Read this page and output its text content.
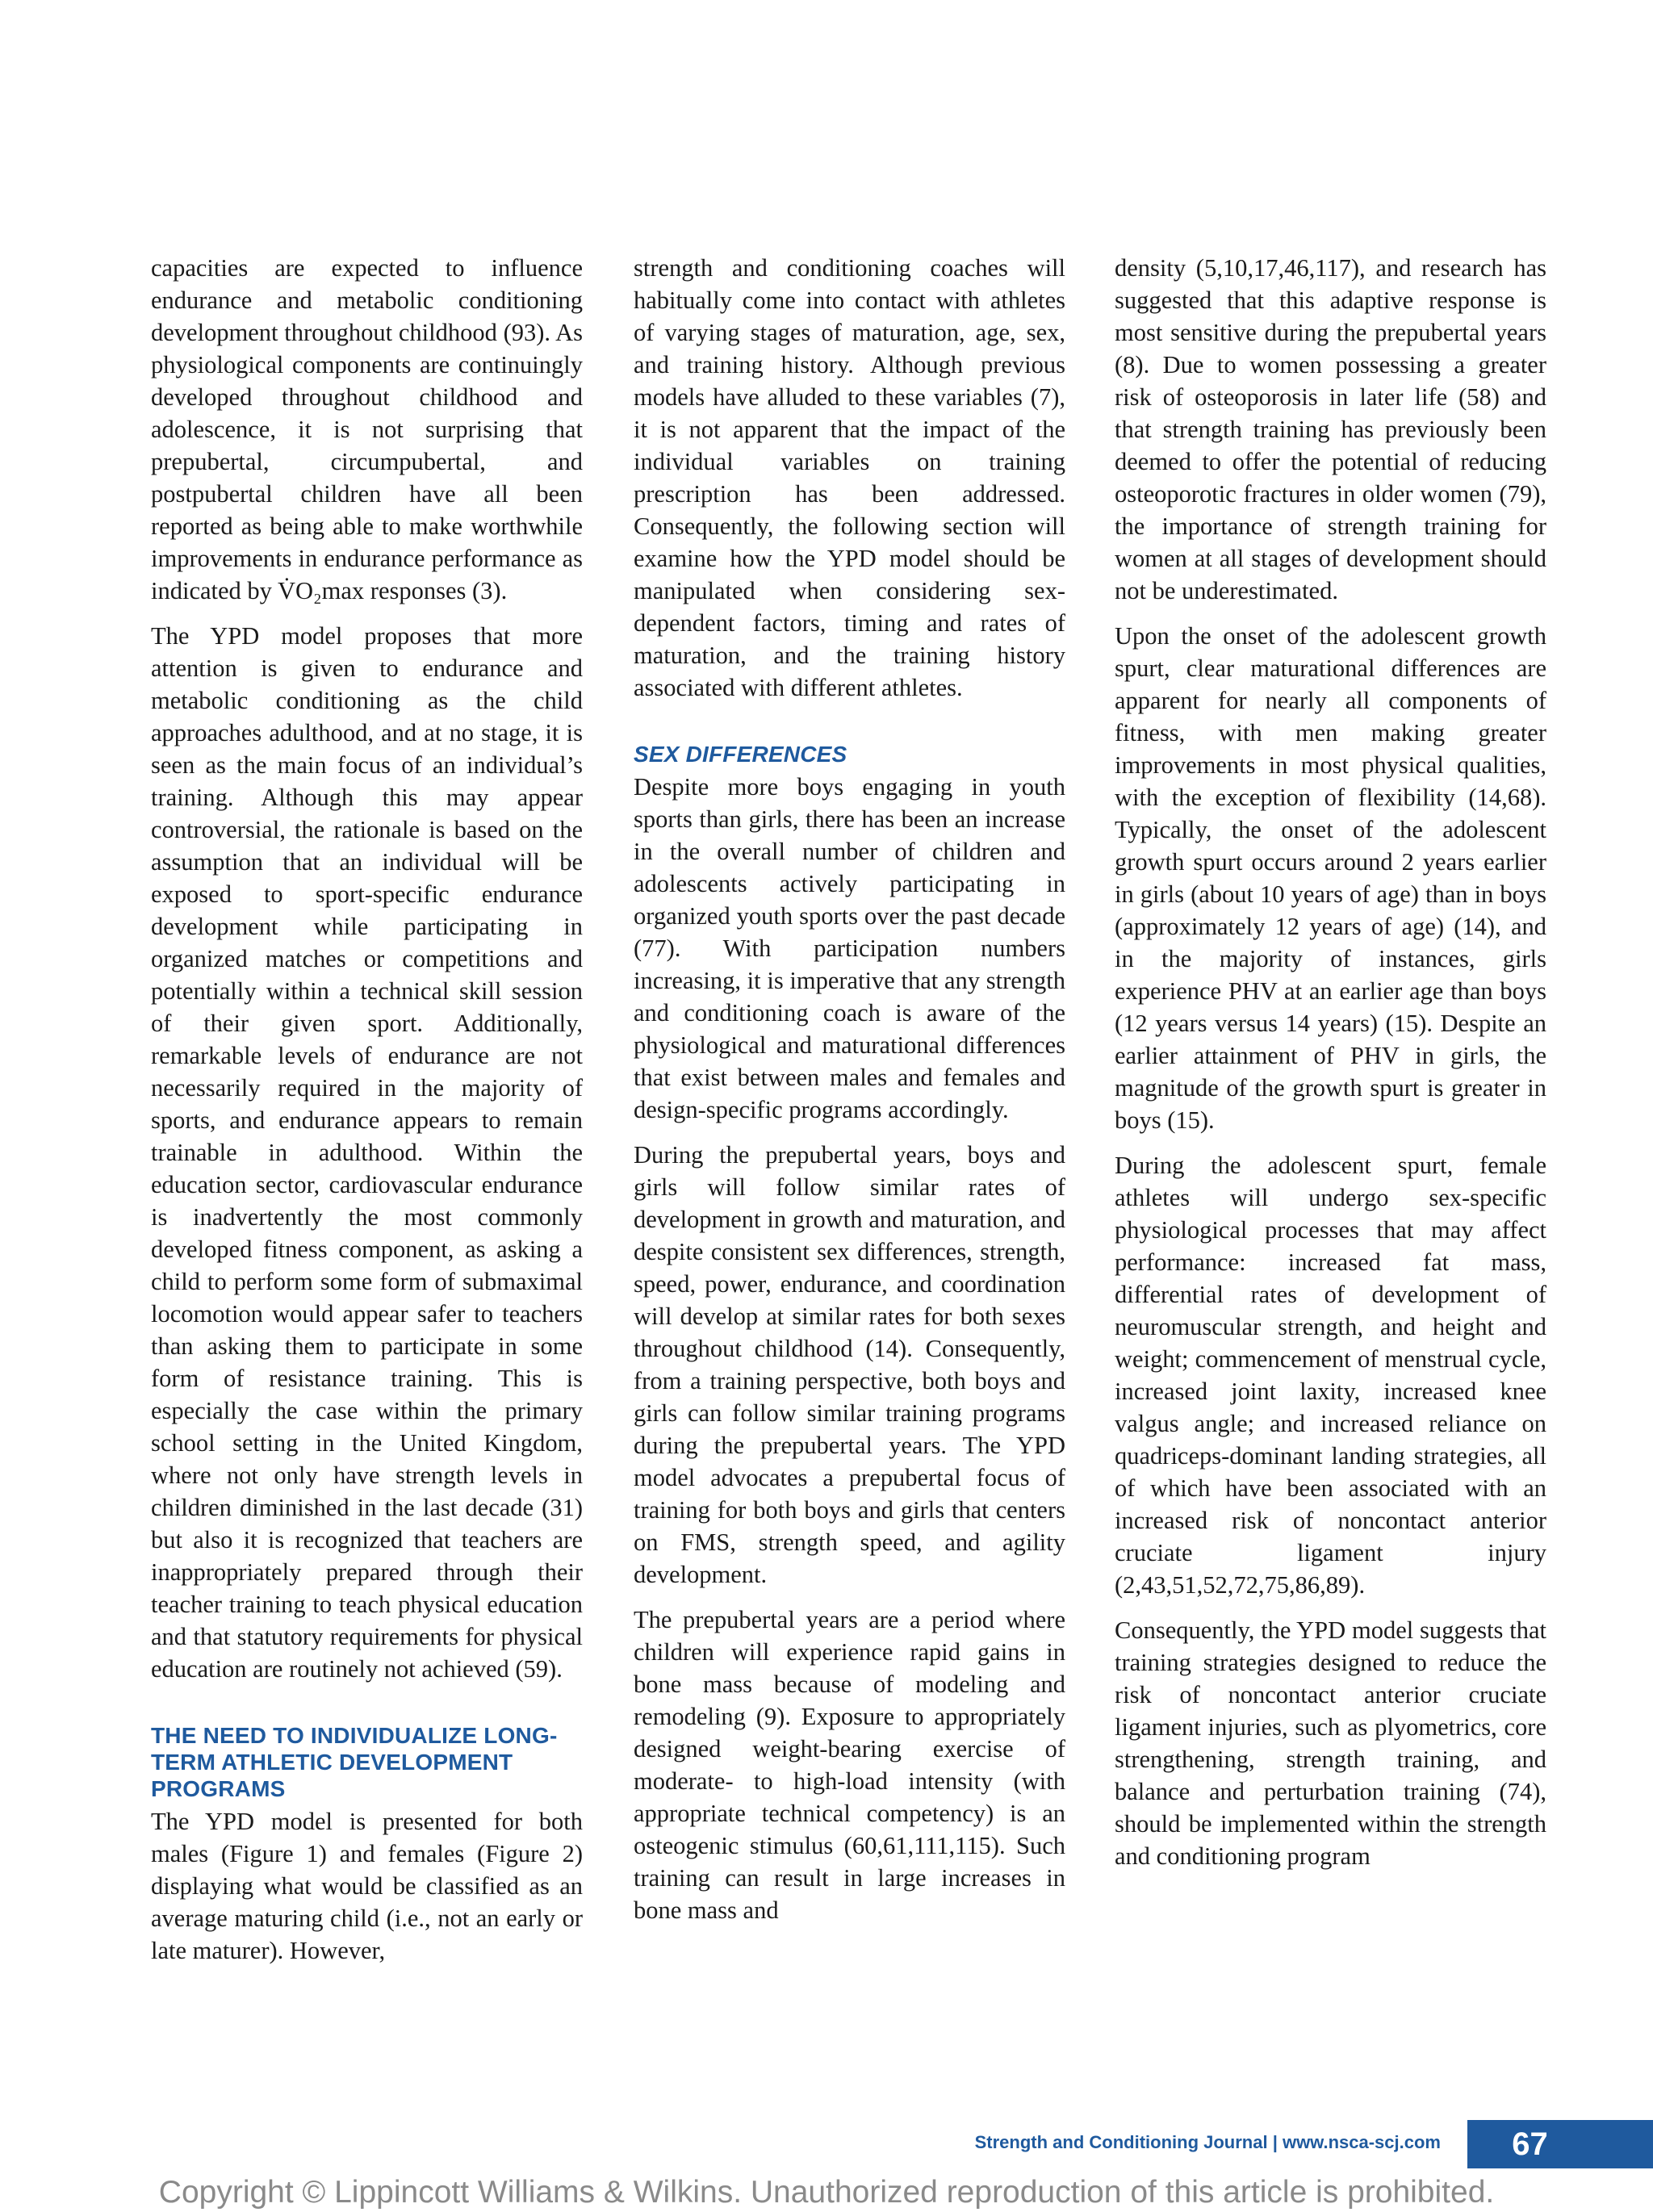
capacities are expected to influence endurance and metabolic conditioning development throughout childhood (93). As physiological components are continuingly developed throughout childhood and adolescence, it is not surprising that prepubertal, circumpubertal, and postpubertal children have all been reported as being able to make worthwhile improvements in endurance performance as indicated by V̇O₂max responses (3).

The YPD model proposes that more attention is given to endurance and metabolic conditioning as the child approaches adulthood, and at no stage, it is seen as the main focus of an individual’s training. Although this may appear controversial, the rationale is based on the assumption that an individual will be exposed to sport-specific endurance development while participating in organized matches or competitions and potentially within a technical skill session of their given sport. Additionally, remarkable levels of endurance are not necessarily required in the majority of sports, and endurance appears to remain trainable in adulthood. Within the education sector, cardiovascular endurance is inadvertently the most commonly developed fitness component, as asking a child to perform some form of submaximal locomotion would appear safer to teachers than asking them to participate in some form of resistance training. This is especially the case within the primary school setting in the United Kingdom, where not only have strength levels in children diminished in the last decade (31) but also it is recognized that teachers are inappropriately prepared through their teacher training to teach physical education and that statutory requirements for physical education are routinely not achieved (59).

THE NEED TO INDIVIDUALIZE LONG-TERM ATHLETIC DEVELOPMENT PROGRAMS

The YPD model is presented for both males (Figure 1) and females (Figure 2) displaying what would be classified as an average maturing child (i.e., not an early or late maturer). However,

strength and conditioning coaches will habitually come into contact with athletes of varying stages of maturation, age, sex, and training history. Although previous models have alluded to these variables (7), it is not apparent that the impact of the individual variables on training prescription has been addressed. Consequently, the following section will examine how the YPD model should be manipulated when considering sex-dependent factors, timing and rates of maturation, and the training history associated with different athletes.

SEX DIFFERENCES

Despite more boys engaging in youth sports than girls, there has been an increase in the overall number of children and adolescents actively participating in organized youth sports over the past decade (77). With participation numbers increasing, it is imperative that any strength and conditioning coach is aware of the physiological and maturational differences that exist between males and females and design-specific programs accordingly.

During the prepubertal years, boys and girls will follow similar rates of development in growth and maturation, and despite consistent sex differences, strength, speed, power, endurance, and coordination will develop at similar rates for both sexes throughout childhood (14). Consequently, from a training perspective, both boys and girls can follow similar training programs during the prepubertal years. The YPD model advocates a prepubertal focus of training for both boys and girls that centers on FMS, strength speed, and agility development.

The prepubertal years are a period where children will experience rapid gains in bone mass because of modeling and remodeling (9). Exposure to appropriately designed weight-bearing exercise of moderate- to high-load intensity (with appropriate technical competency) is an osteogenic stimulus (60,61,111,115). Such training can result in large increases in bone mass and

density (5,10,17,46,117), and research has suggested that this adaptive response is most sensitive during the prepubertal years (8). Due to women possessing a greater risk of osteoporosis in later life (58) and that strength training has previously been deemed to offer the potential of reducing osteoporotic fractures in older women (79), the importance of strength training for women at all stages of development should not be underestimated.

Upon the onset of the adolescent growth spurt, clear maturational differences are apparent for nearly all components of fitness, with men making greater improvements in most physical qualities, with the exception of flexibility (14,68). Typically, the onset of the adolescent growth spurt occurs around 2 years earlier in girls (about 10 years of age) than in boys (approximately 12 years of age) (14), and in the majority of instances, girls experience PHV at an earlier age than boys (12 years versus 14 years) (15). Despite an earlier attainment of PHV in girls, the magnitude of the growth spurt is greater in boys (15).

During the adolescent spurt, female athletes will undergo sex-specific physiological processes that may affect performance: increased fat mass, differential rates of development of neuromuscular strength, and height and weight; commencement of menstrual cycle, increased joint laxity, increased knee valgus angle; and increased reliance on quadriceps-dominant landing strategies, all of which have been associated with an increased risk of noncontact anterior cruciate ligament injury (2,43,51,52,72,75,86,89).

Consequently, the YPD model suggests that training strategies designed to reduce the risk of noncontact anterior cruciate ligament injuries, such as plyometrics, core strengthening, strength training, and balance and perturbation training (74), should be implemented within the strength and conditioning program

Strength and Conditioning Journal | www.nsca-scj.com 67
Copyright © Lippincott Williams & Wilkins. Unauthorized reproduction of this article is prohibited.
